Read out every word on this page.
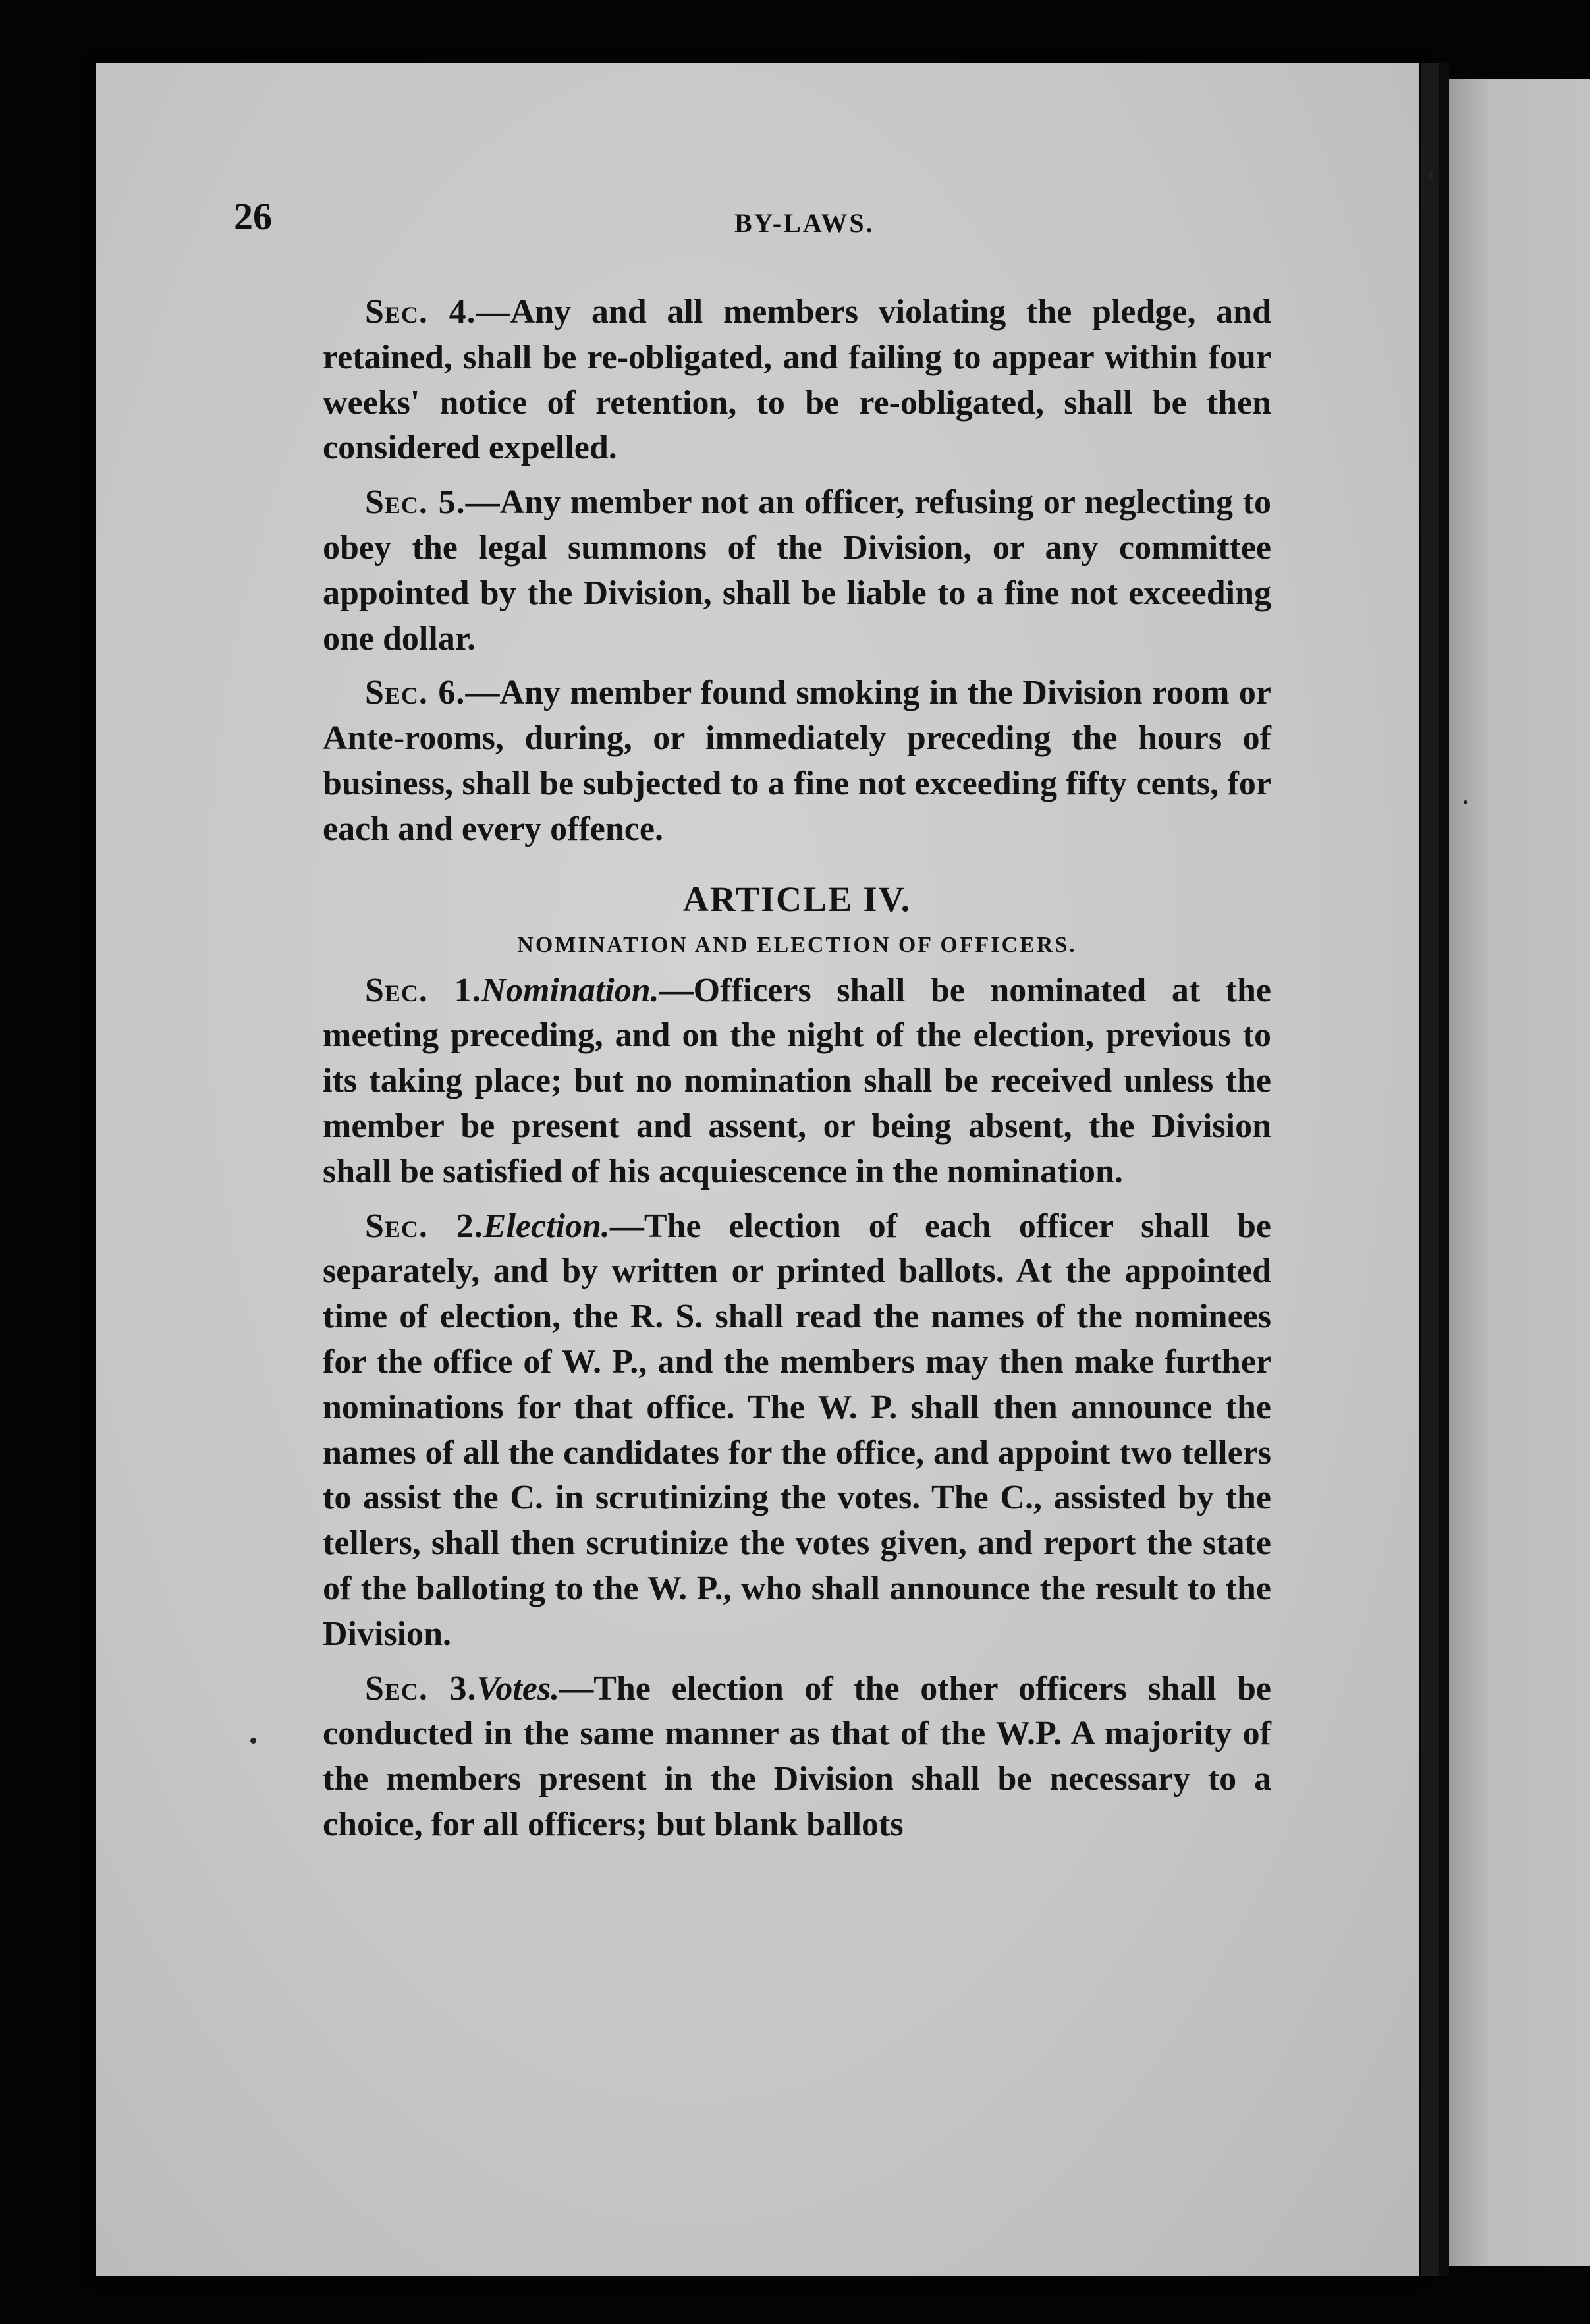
26	BY-LAWS.

Sec. 4.—Any and all members violating the pledge, and retained, shall be re-obligated, and failing to appear within four weeks' notice of retention, to be re-obligated, shall be then considered expelled.

Sec. 5.—Any member not an officer, refusing or neglecting to obey the legal summons of the Division, or any committee appointed by the Division, shall be liable to a fine not exceeding one dollar.

Sec. 6.—Any member found smoking in the Division room or Ante-rooms, during, or immediately preceding the hours of business, shall be subjected to a fine not exceeding fifty cents, for each and every offence.

ARTICLE IV.
NOMINATION AND ELECTION OF OFFICERS.

Sec. 1.Nomination.—Officers shall be nominated at the meeting preceding, and on the night of the election, previous to its taking place; but no nomination shall be received unless the member be present and assent, or being absent, the Division shall be satisfied of his acquiescence in the nomination.

Sec. 2.Election.—The election of each officer shall be separately, and by written or printed ballots. At the appointed time of election, the R. S. shall read the names of the nominees for the office of W. P., and the members may then make further nominations for that office. The W. P. shall then announce the names of all the candidates for the office, and appoint two tellers to assist the C. in scrutinizing the votes. The C., assisted by the tellers, shall then scrutinize the votes given, and report the state of the balloting to the W. P., who shall announce the result to the Division.

Sec. 3.Votes.—The election of the other officers shall be conducted in the same manner as that of the W.P. A majority of the members present in the Division shall be necessary to a choice, for all officers; but blank ballots
